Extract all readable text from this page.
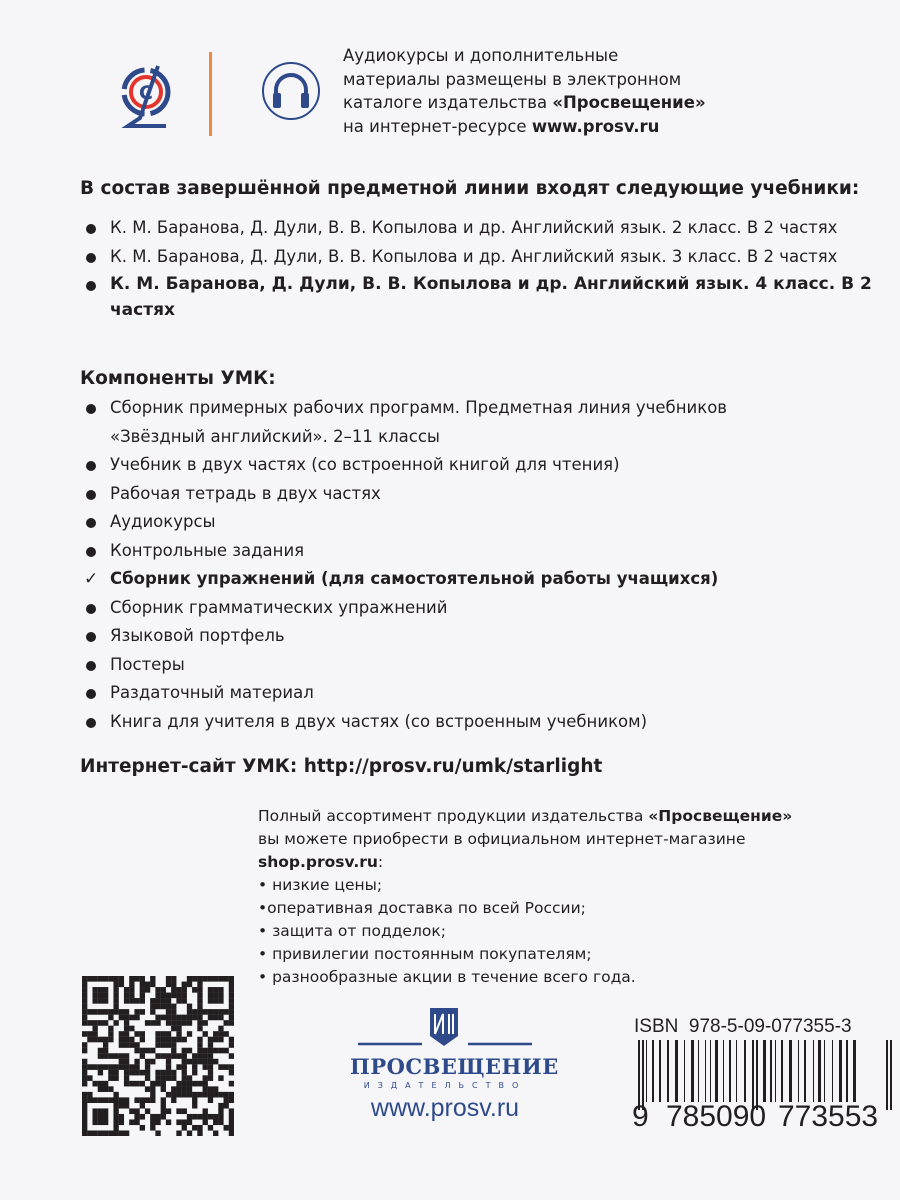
C
Аудиокурсы и дополнительные
материалы размещены в электронном
каталоге издательства «Просвещение»
на интернет-ресурсе www.prosv.ru
В состав завершённой предметной линии входят следующие учебники:
К. М. Баранова, Д. Дули, В. В. Копылова и др. Английский язык. 2 класс. В 2 частях
К. М. Баранова, Д. Дули, В. В. Копылова и др. Английский язык. 3 класс. В 2 частях
К. М. Баранова, Д. Дули, В. В. Копылова и др. Английский язык. 4 класс. В 2 частях
Компоненты УМК:
Сборник примерных рабочих программ. Предметная линия учебников «Звёздный английский». 2–11 классы
Учебник в двух частях (со встроенной книгой для чтения)
Рабочая тетрадь в двух частях
Аудиокурсы
Контрольные задания
✓ Сборник упражнений (для самостоятельной работы учащихся)
Сборник грамматических упражнений
Языковой портфель
Постеры
Раздаточный материал
Книга для учителя в двух частях (со встроенным учебником)
Интернет-сайт УМК: http://prosv.ru/umk/starlight
Полный ассортимент продукции издательства «Просвещение»
вы можете приобрести в официальном интернет-магазине
shop.prosv.ru:
• низкие цены;
•оперативная доставка по всей России;
• защита от подделок;
• привилегии постоянным покупателям;
• разнообразные акции в течение всего года.
ПРОСВЕЩЕНИЕ
ИЗДАТЕЛЬСТВО
www.prosv.ru
ISBN  978-5-09-077355-3
9 785090 773553
